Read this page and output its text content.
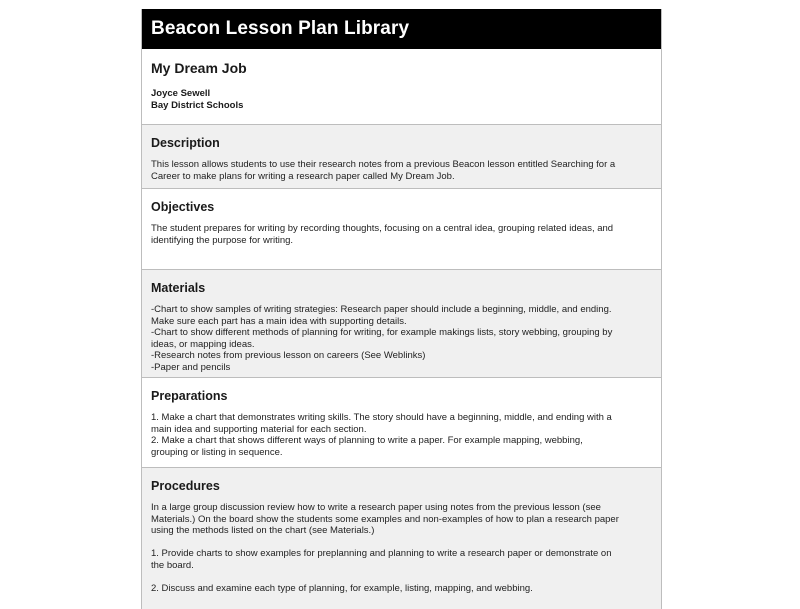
Beacon Lesson Plan Library
My Dream Job
Joyce Sewell
Bay District Schools
Description

This lesson allows students to use their research notes from a previous Beacon lesson entitled Searching for a

Career to make plans for writing a research paper called My Dream Job.

Objectives

The student prepares for writing by recording thoughts, focusing on a central idea, grouping related ideas, and

identifying the purpose for writing.

Materials

-Chart to show samples of writing strategies: Research paper should include a beginning, middle, and ending.

Make sure each part has a main idea with supporting details.

-Chart to show different methods of planning for writing, for example makings lists, story webbing, grouping by

ideas, or mapping ideas.

-Research notes from previous lesson on careers (See Weblinks)

-Paper and pencils

Preparations

1. Make a chart that demonstrates writing skills. The story should have a beginning, middle, and ending with a

main idea and supporting material for each section.

2. Make a chart that shows different ways of planning to write a paper. For example mapping, webbing,

grouping or listing in sequence.

Procedures

In a large group discussion review how to write a research paper using notes from the previous lesson (see

Materials.) On the board show the students some examples and non-examples of how to plan a research paper

using the methods listed on the chart (see Materials.)

1. Provide charts to show examples for preplanning and planning to write a research paper or demonstrate on

the board.

2. Discuss and examine each type of planning, for example, listing, mapping, and webbing.
